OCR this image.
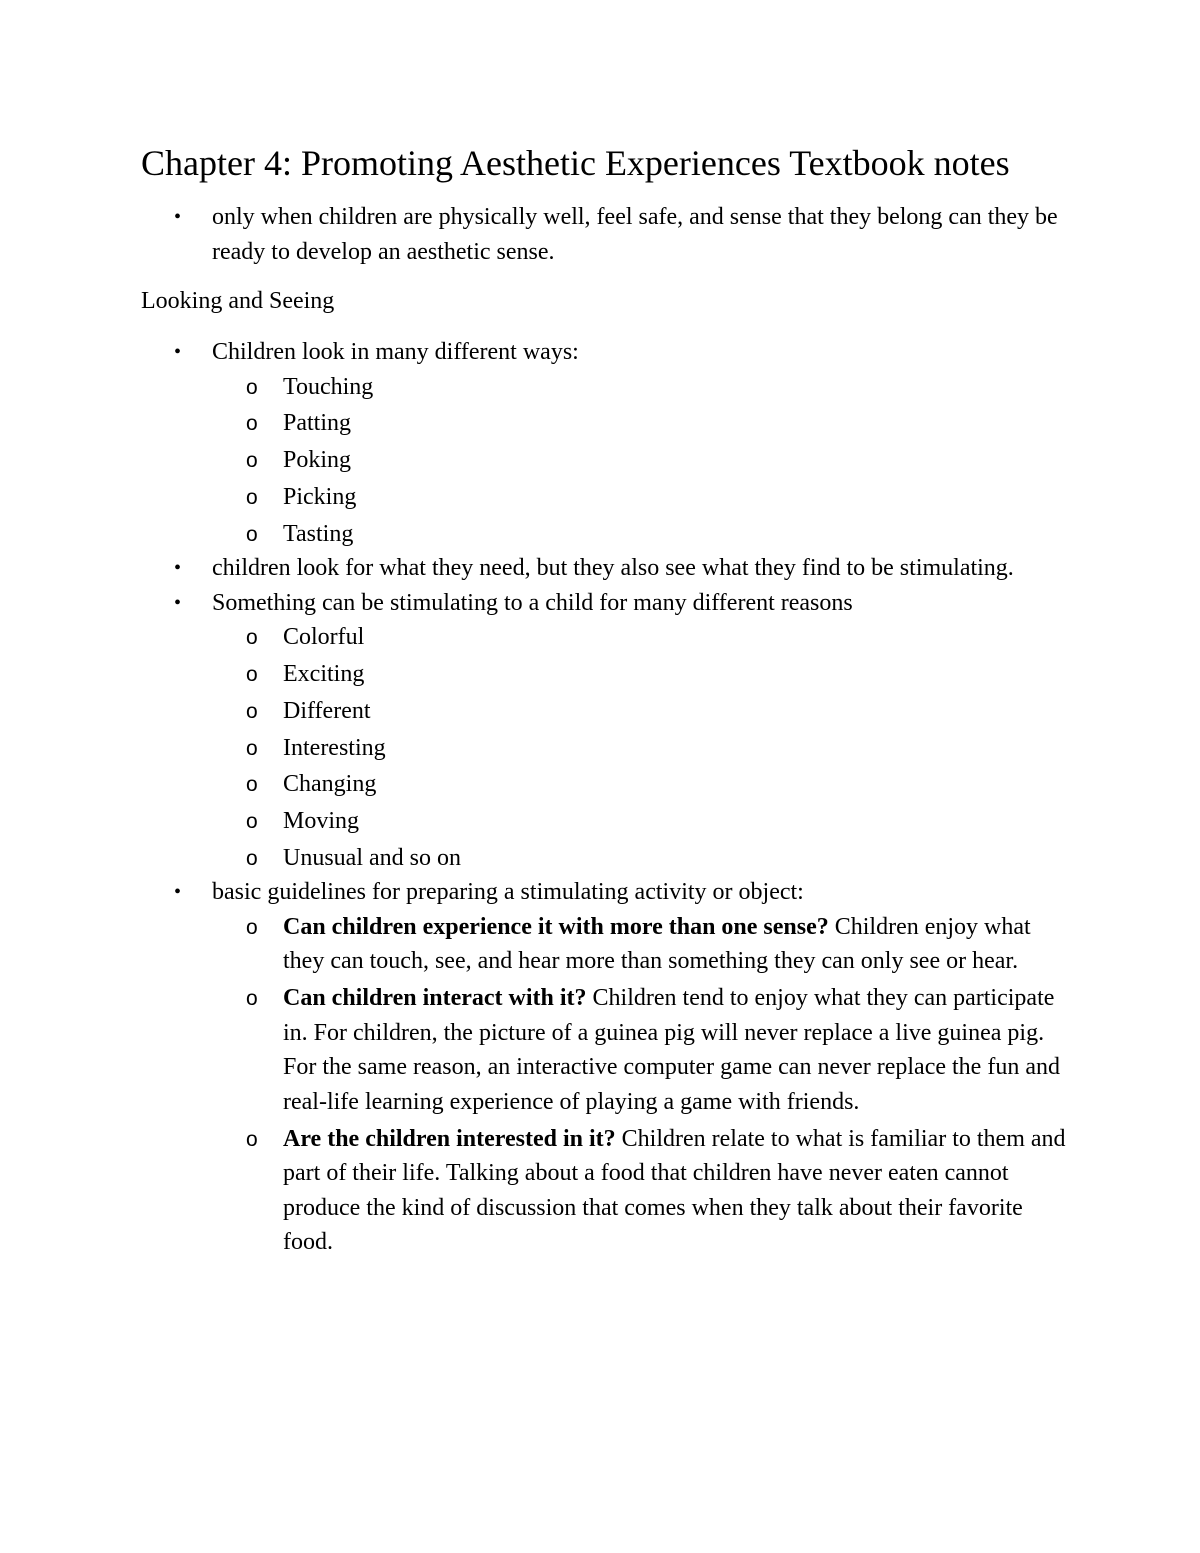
Chapter 4: Promoting Aesthetic Experiences Textbook notes
• only when children are physically well, feel safe, and sense that they belong can they be ready to develop an aesthetic sense.
Looking and Seeing
• Children look in many different ways:
o Touching
o Patting
o Poking
o Picking
o Tasting
• children look for what they need, but they also see what they find to be stimulating.
• Something can be stimulating to a child for many different reasons
o Colorful
o Exciting
o Different
o Interesting
o Changing
o Moving
o Unusual and so on
• basic guidelines for preparing a stimulating activity or object:
o Can children experience it with more than one sense? Children enjoy what they can touch, see, and hear more than something they can only see or hear.
o Can children interact with it? Children tend to enjoy what they can participate in. For children, the picture of a guinea pig will never replace a live guinea pig. For the same reason, an interactive computer game can never replace the fun and real-life learning experience of playing a game with friends.
o Are the children interested in it? Children relate to what is familiar to them and part of their life. Talking about a food that children have never eaten cannot produce the kind of discussion that comes when they talk about their favorite food.
